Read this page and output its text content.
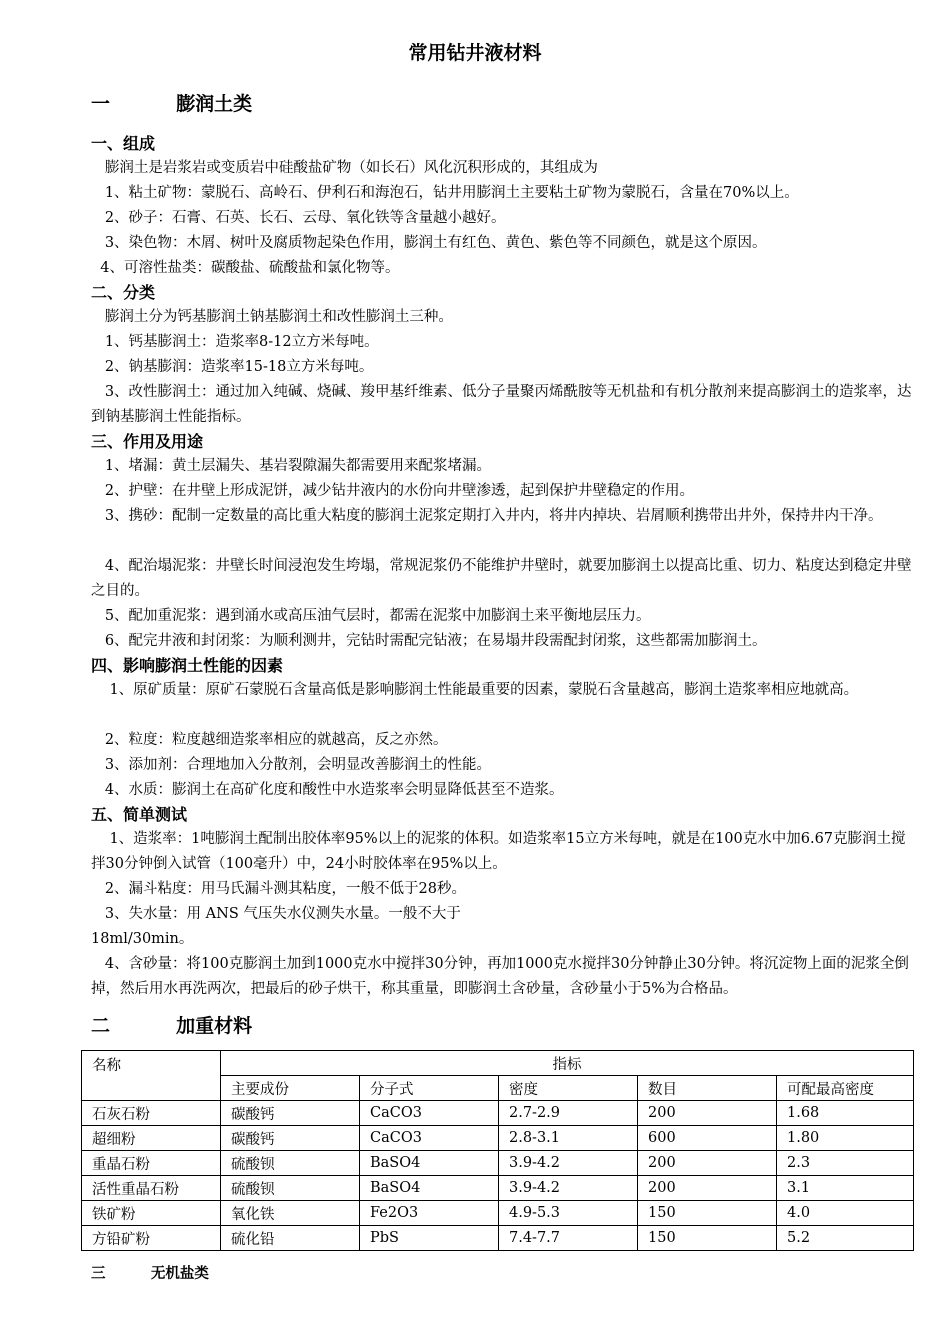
常用钻井液材料
一          膨润土类
一、组成
膨润土是岩浆岩或变质岩中硅酸盐矿物（如长石）风化沉积形成的，其组成为
1、粘土矿物：蒙脱石、高岭石、伊利石和海泡石，钻井用膨润土主要粘土矿物为蒙脱石，含量在70%以上。
2、砂子：石膏、石英、长石、云母、氧化铁等含量越小越好。
3、染色物：木屑、树叶及腐质物起染色作用，膨润土有红色、黄色、紫色等不同颜色，就是这个原因。
4、可溶性盐类：碳酸盐、硫酸盐和氯化物等。
二、分类
膨润土分为钙基膨润土钠基膨润土和改性膨润土三种。
1、钙基膨润土：造浆率8-12立方米每吨。
2、钠基膨润：造浆率15-18立方米每吨。
3、改性膨润土：通过加入纯碱、烧碱、羧甲基纤维素、低分子量聚丙烯酰胺等无机盐和有机分散剂来提高膨润土的造浆率，达到钠基膨润土性能指标。
三、作用及用途
1、堵漏：黄土层漏失、基岩裂隙漏失都需要用来配浆堵漏。
2、护壁：在井壁上形成泥饼，减少钻井液内的水份向井壁渗透，起到保护井壁稳定的作用。
3、携砂：配制一定数量的高比重大粘度的膨润土泥浆定期打入井内，将井内掉块、岩屑顺利携带出井外，保持井内干净。
4、配治塌泥浆：井壁长时间浸泡发生垮塌，常规泥浆仍不能维护井壁时，就要加膨润土以提高比重、切力、粘度达到稳定井壁之目的。
5、配加重泥浆：遇到涌水或高压油气层时，都需在泥浆中加膨润土来平衡地层压力。
6、配完井液和封闭浆：为顺利测井，完钻时需配完钻液；在易塌井段需配封闭浆，这些都需加膨润土。
四、影响膨润土性能的因素
1、原矿质量：原矿石蒙脱石含量高低是影响膨润土性能最重要的因素，蒙脱石含量越高，膨润土造浆率相应地就高。
2、粒度：粒度越细造浆率相应的就越高，反之亦然。
3、添加剂：合理地加入分散剂，会明显改善膨润土的性能。
4、水质：膨润土在高矿化度和酸性中水造浆率会明显降低甚至不造浆。
五、简单测试
1、造浆率：1吨膨润土配制出胶体率95%以上的泥浆的体积。如造浆率15立方米每吨，就是在100克水中加6.67克膨润土搅拌30分钟倒入试管（100毫升）中，24小时胶体率在95%以上。
2、漏斗粘度：用马氏漏斗测其粘度，一般不低于28秒。
3、失水量：用 ANS 气压失水仪测失水量。一般不大于
18ml/30min。
4、含砂量：将100克膨润土加到1000克水中搅拌30分钟，再加1000克水搅拌30分钟静止30分钟。将沉淀物上面的泥浆全倒掉，然后用水再洗两次，把最后的砂子烘干，称其重量，即膨润土含砂量，含砂量小于5%为合格品。
二          加重材料
名称	指标				
	主要成份	分子式	密度	数目	可配最高密度
石灰石粉	碳酸钙	CaCO3	2.7-2.9	200	1.68
超细粉	碳酸钙	CaCO3	2.8-3.1	600	1.80
重晶石粉	硫酸钡	BaSO4	3.9-4.2	200	2.3
活性重晶石粉	硫酸钡	BaSO4	3.9-4.2	200	3.1
铁矿粉	氧化铁	Fe2O3	4.9-5.3	150	4.0
方铅矿粉	硫化铅	PbS	7.4-7.7	150	5.2
三         无机盐类
